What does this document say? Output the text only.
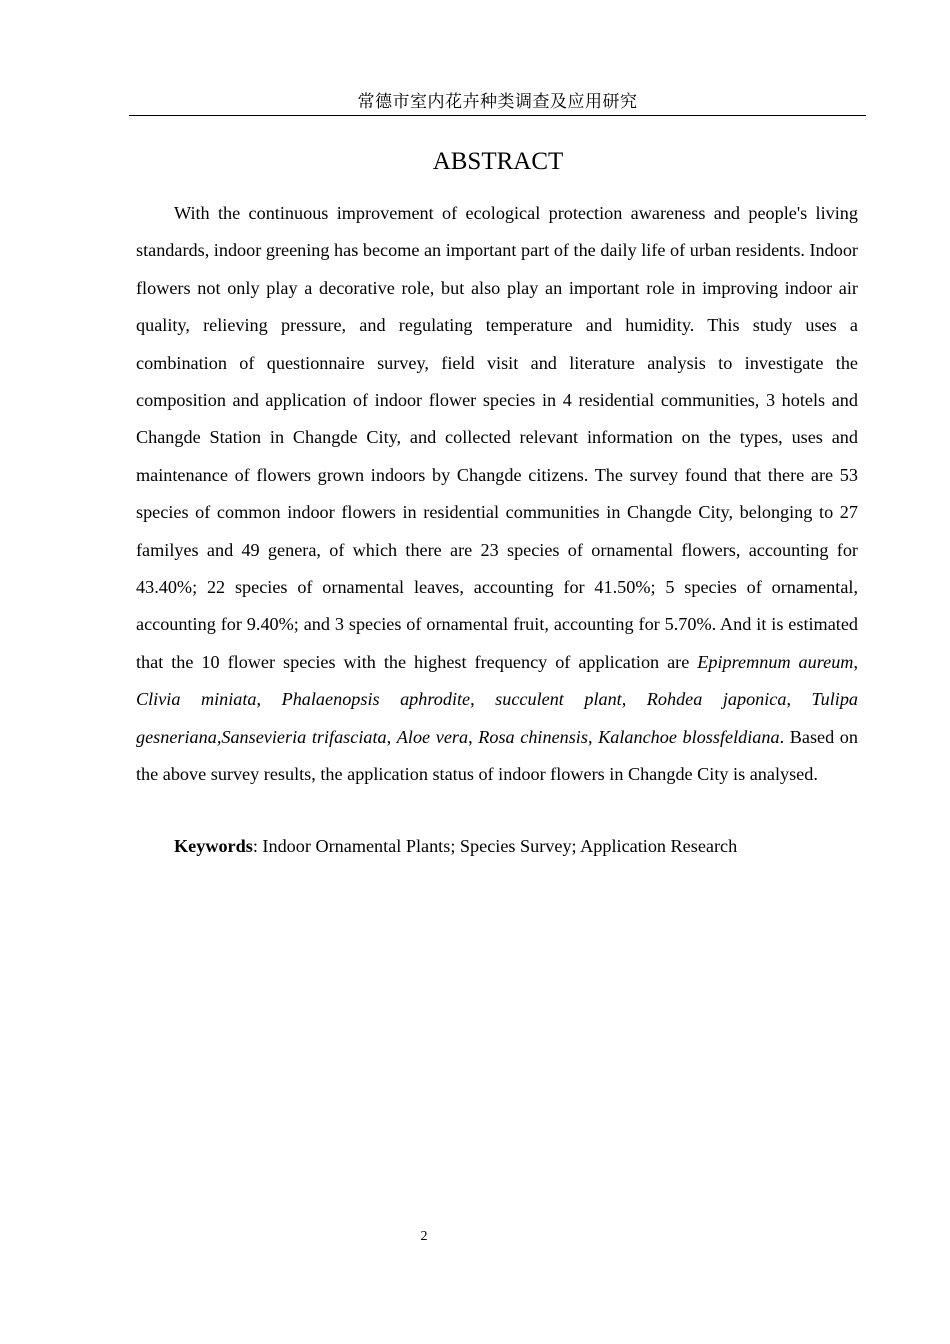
常德市室内花卉种类调查及应用研究
ABSTRACT

With the continuous improvement of ecological protection awareness and people's living standards, indoor greening has become an important part of the daily life of urban residents. Indoor flowers not only play a decorative role, but also play an important role in improving indoor air quality, relieving pressure, and regulating temperature and humidity. This study uses a combination of questionnaire survey, field visit and literature analysis to investigate the composition and application of indoor flower species in 4 residential communities, 3 hotels and Changde Station in Changde City, and collected relevant information on the types, uses and maintenance of flowers grown indoors by Changde citizens. The survey found that there are 53 species of common indoor flowers in residential communities in Changde City, belonging to 27 familyes and 49 genera, of which there are 23 species of ornamental flowers, accounting for 43.40%; 22 species of ornamental leaves, accounting for 41.50%; 5 species of ornamental, accounting for 9.40%; and 3 species of ornamental fruit, accounting for 5.70%. And it is estimated that the 10 flower species with the highest frequency of application are Epipremnum aureum, Clivia miniata, Phalaenopsis aphrodite, succulent plant, Rohdea japonica, Tulipa gesneriana,Sansevieria trifasciata, Aloe vera, Rosa chinensis, Kalanchoe blossfeldiana. Based on the above survey results, the application status of indoor flowers in Changde City is analysed.

Keywords: Indoor Ornamental Plants; Species Survey; Application Research

2
